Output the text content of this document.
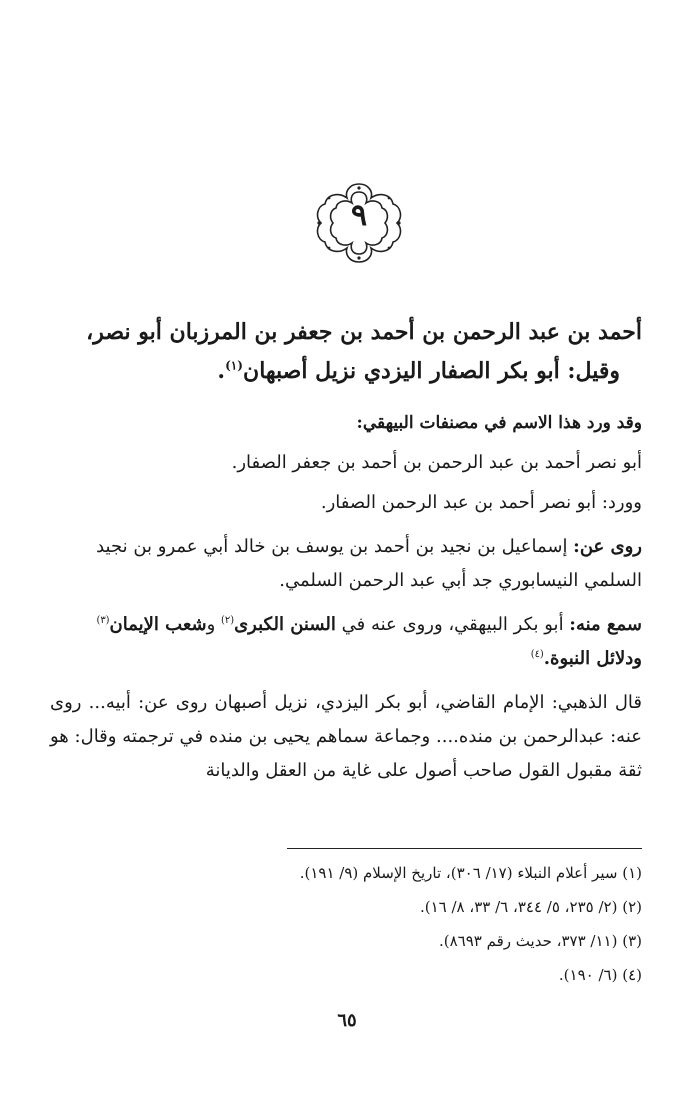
٩

أحمد بن عبد الرحمن بن أحمد بن جعفر بن المرزبان أبو نصر،

وقيل: أبو بكر الصفار اليزدي نزيل أصبهان$^{(١)}$.

وقد ورد هذا الاسم في مصنفات البيهقي:

أبو نصر أحمد بن عبد الرحمن بن أحمد بن جعفر الصفار.

وورد: أبو نصر أحمد بن عبد الرحمن الصفار.

روى عن: إسماعيل بن نجيد بن أحمد بن يوسف بن خالد أبي عمرو بن نجيد السلمي النيسابوري جد أبي عبد الرحمن السلمي.

سمع منه: أبو بكر البيهقي، وروى عنه في السنن الكبرى$^{(٢)}$ وشعب الإيمان$^{(٣)}$ ودلائل النبوة.$^{(٤)}$

قال الذهبي: الإمام القاضي، أبو بكر اليزدي، نزيل أصبهان روى عن: أبيه... روى عنه: عبدالرحمن بن منده.... وجماعة سماهم يحيى بن منده في ترجمته وقال: هو ثقة مقبول القول صاحب أصول على غاية من العقل والديانة

(١) سير أعلام النبلاء (١٧/ ٣٠٦)، تاريخ الإسلام (٩/ ١٩١).

(٢) (٢/ ٢٣٥، ٥/ ٣٤٤، ٦/ ٣٣، ٨/ ١٦).

(٣) (١١/ ٣٧٣، حديث رقم ٨٦٩٣).

(٤) (٦/ ١٩٠).

٦٥
